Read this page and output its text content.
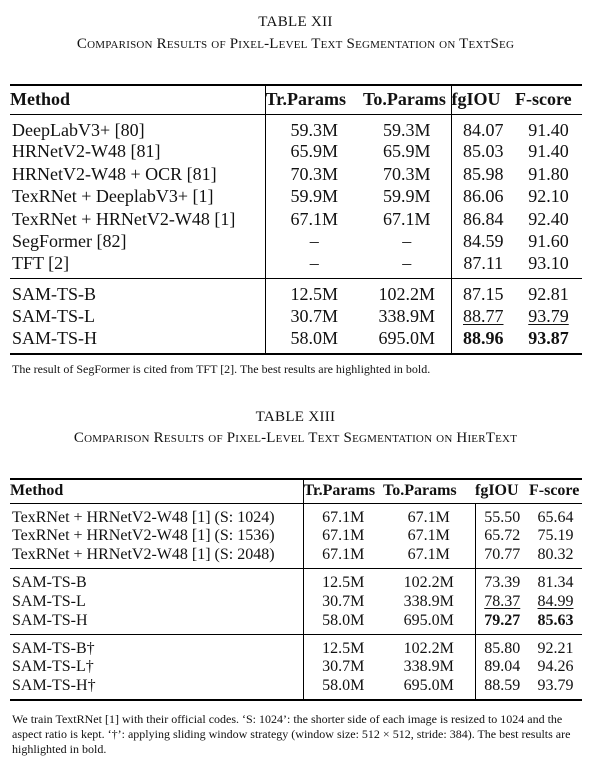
TABLE XII
Comparison Results of Pixel-Level Text Segmentation on TextSeg
Method	Tr.Params	To.Params	fgIOU	F-score
DeepLabV3+ [80]	59.3M	59.3M	84.07	91.40
HRNetV2-W48 [81]	65.9M	65.9M	85.03	91.40
HRNetV2-W48 + OCR [81]	70.3M	70.3M	85.98	91.80
TexRNet + DeeplabV3+ [1]	59.9M	59.9M	86.06	92.10
TexRNet + HRNetV2-W48 [1]	67.1M	67.1M	86.84	92.40
SegFormer [82]	–	–	84.59	91.60
TFT [2]	–	–	87.11	93.10
SAM-TS-B	12.5M	102.2M	87.15	92.81
SAM-TS-L	30.7M	338.9M	88.77	93.79
SAM-TS-H	58.0M	695.0M	88.96	93.87
The result of SegFormer is cited from TFT [2]. The best results are highlighted in bold.
TABLE XIII
Comparison Results of Pixel-Level Text Segmentation on HierText
Method	Tr.Params	To.Params	fgIOU	F-score
TexRNet + HRNetV2-W48 [1] (S: 1024)	67.1M	67.1M	55.50	65.64
TexRNet + HRNetV2-W48 [1] (S: 1536)	67.1M	67.1M	65.72	75.19
TexRNet + HRNetV2-W48 [1] (S: 2048)	67.1M	67.1M	70.77	80.32
SAM-TS-B	12.5M	102.2M	73.39	81.34
SAM-TS-L	30.7M	338.9M	78.37	84.99
SAM-TS-H	58.0M	695.0M	79.27	85.63
SAM-TS-B†	12.5M	102.2M	85.80	92.21
SAM-TS-L†	30.7M	338.9M	89.04	94.26
SAM-TS-H†	58.0M	695.0M	88.59	93.79
We train TextRNet [1] with their official codes. ‘S: 1024’: the shorter side of each image is resized to 1024 and the aspect ratio is kept. ‘†’: applying sliding window strategy (window size: 512 × 512, stride: 384). The best results are highlighted in bold.
